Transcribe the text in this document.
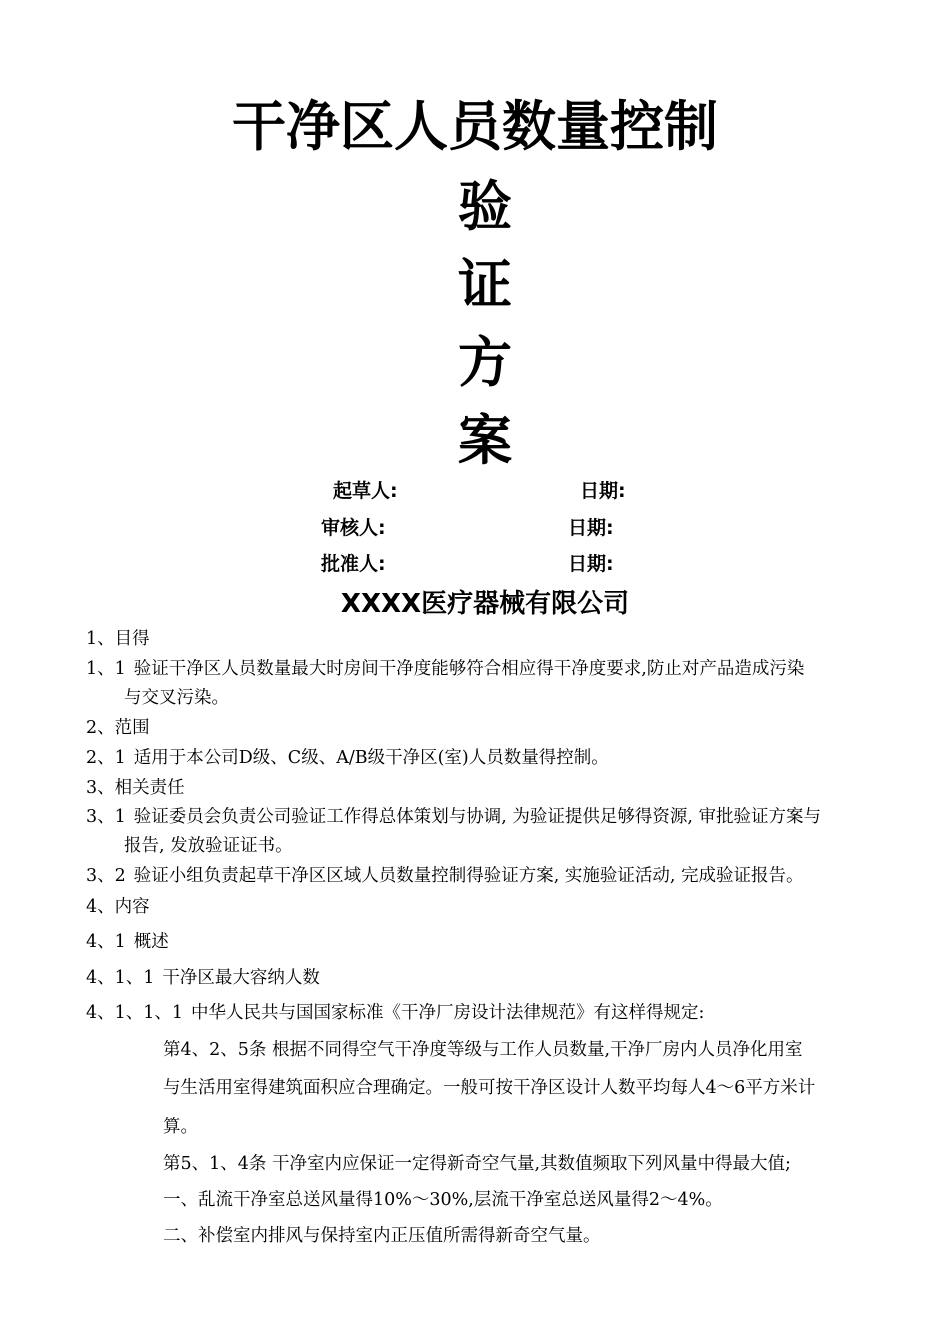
干净区人员数量控制
验
证
方
案
起草人:	日期:
审核人:	日期:
批准人:	日期:
XXXX医疗器械有限公司
1、目得
1、1 验证干净区人员数量最大时房间干净度能够符合相应得干净度要求,防止对产品造成污染
与交叉污染。
2、范围
2、1 适用于本公司D级、C级、A/B级干净区(室)人员数量得控制。
3、相关责任
3、1 验证委员会负责公司验证工作得总体策划与协调, 为验证提供足够得资源, 审批验证方案与
报告, 发放验证证书。
3、2 验证小组负责起草干净区区域人员数量控制得验证方案, 实施验证活动, 完成验证报告。
4、内容
4、1 概述
4、1、1 干净区最大容纳人数
4、1、1、1 中华人民共与国国家标准《干净厂房设计法律规范》有这样得规定:
第4、2、5条 根据不同得空气干净度等级与工作人员数量,干净厂房内人员净化用室
与生活用室得建筑面积应合理确定。一般可按干净区设计人数平均每人4～6平方米计
算。
第5、1、4条 干净室内应保证一定得新奇空气量,其数值频取下列风量中得最大值;
一、乱流干净室总送风量得10%～30%,层流干净室总送风量得2～4%。
二、补偿室内排风与保持室内正压值所需得新奇空气量。
